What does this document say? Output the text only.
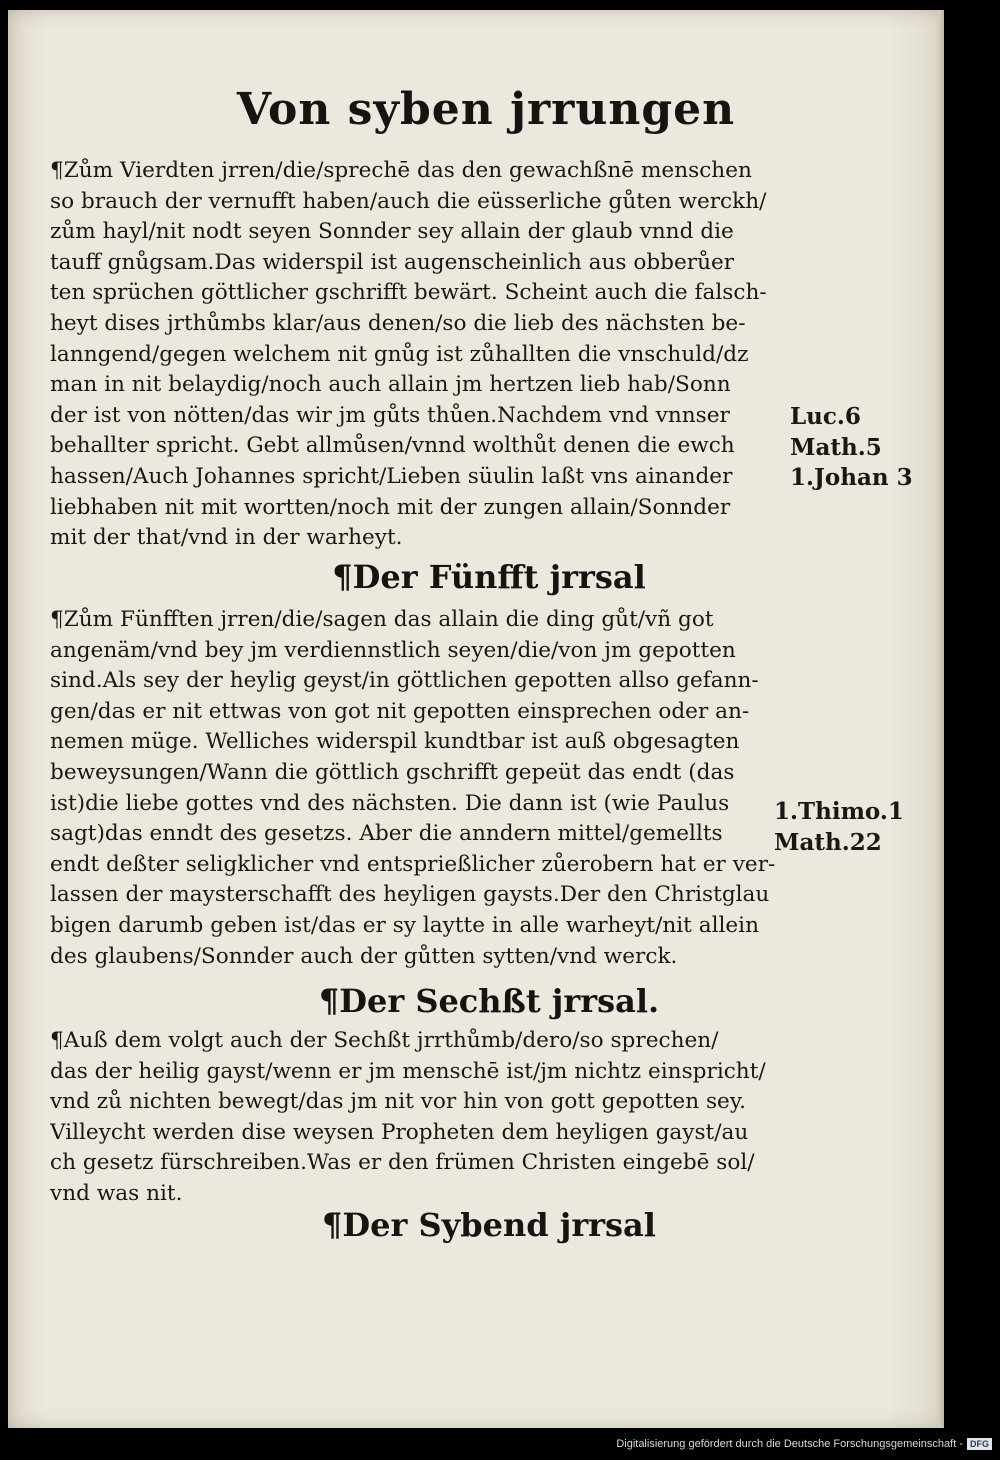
Von syben jrrungen
¶Zům Vierdten jrren/die/sprechē das den gewachßnē menschen
so brauch der vernufft haben/auch die eüsserliche gůten werckh/
zům hayl/nit nodt seyen Sonnder sey allain der glaub vnnd die
tauff gnůgsam.Das widerspil ist augenscheinlich aus obberůer
ten sprüchen göttlicher gschrifft bewärt. Scheint auch die falsch-
heyt dises jrthůmbs klar/aus denen/so die lieb des nächsten be-
lanngend/gegen welchem nit gnůg ist zůhallten die vnschuld/dz
man in nit belaydig/noch auch allain jm hertzen lieb hab/Sonn
der ist von nötten/das wir jm gůts thůen.Nachdem vnd vnnser
behallter spricht. Gebt allmůsen/vnnd wolthůt denen die ewch
hassen/Auch Johannes spricht/Lieben süulin laßt vns ainander
liebhaben nit mit wortten/noch mit der zungen allain/Sonnder
mit der that/vnd in der warheyt.
Luc.6
Math.5
1.Johan 3
¶Der Fünfft jrrsal
¶Zům Fünfften jrren/die/sagen das allain die ding gůt/vñ got
angenäm/vnd bey jm verdiennstlich seyen/die/von jm gepotten
sind.Als sey der heylig geyst/in göttlichen gepotten allso gefann-
gen/das er nit ettwas von got nit gepotten einsprechen oder an-
nemen müge. Welliches widerspil kundtbar ist auß obgesagten
beweysungen/Wann die göttlich gschrifft gepeüt das endt (das
ist)die liebe gottes vnd des nächsten. Die dann ist (wie Paulus
sagt)das enndt des gesetzs. Aber die anndern mittel/gemellts
endt deßter seligklicher vnd entsprießlicher zůerobern hat er ver-
lassen der maysterschafft des heyligen gaysts.Der den Christglau
bigen darumb geben ist/das er sy laytte in alle warheyt/nit allein
des glaubens/Sonnder auch der gůtten sytten/vnd werck.
1.Thimo.1
Math.22
¶Der Sechßt jrrsal.
¶Auß dem volgt auch der Sechßt jrrthůmb/dero/so sprechen/
das der heilig gayst/wenn er jm menschē ist/jm nichtz einspricht/
vnd zů nichten bewegt/das jm nit vor hin von gott gepotten sey.
Villeycht werden dise weysen Propheten dem heyligen gayst/au
ch gesetz fürschreiben.Was er den frümen Christen eingebē sol/
vnd was nit.
¶Der Sybend jrrsal
Digitalisierung gefördert durch die Deutsche Forschungsgemeinschaft - DFG
